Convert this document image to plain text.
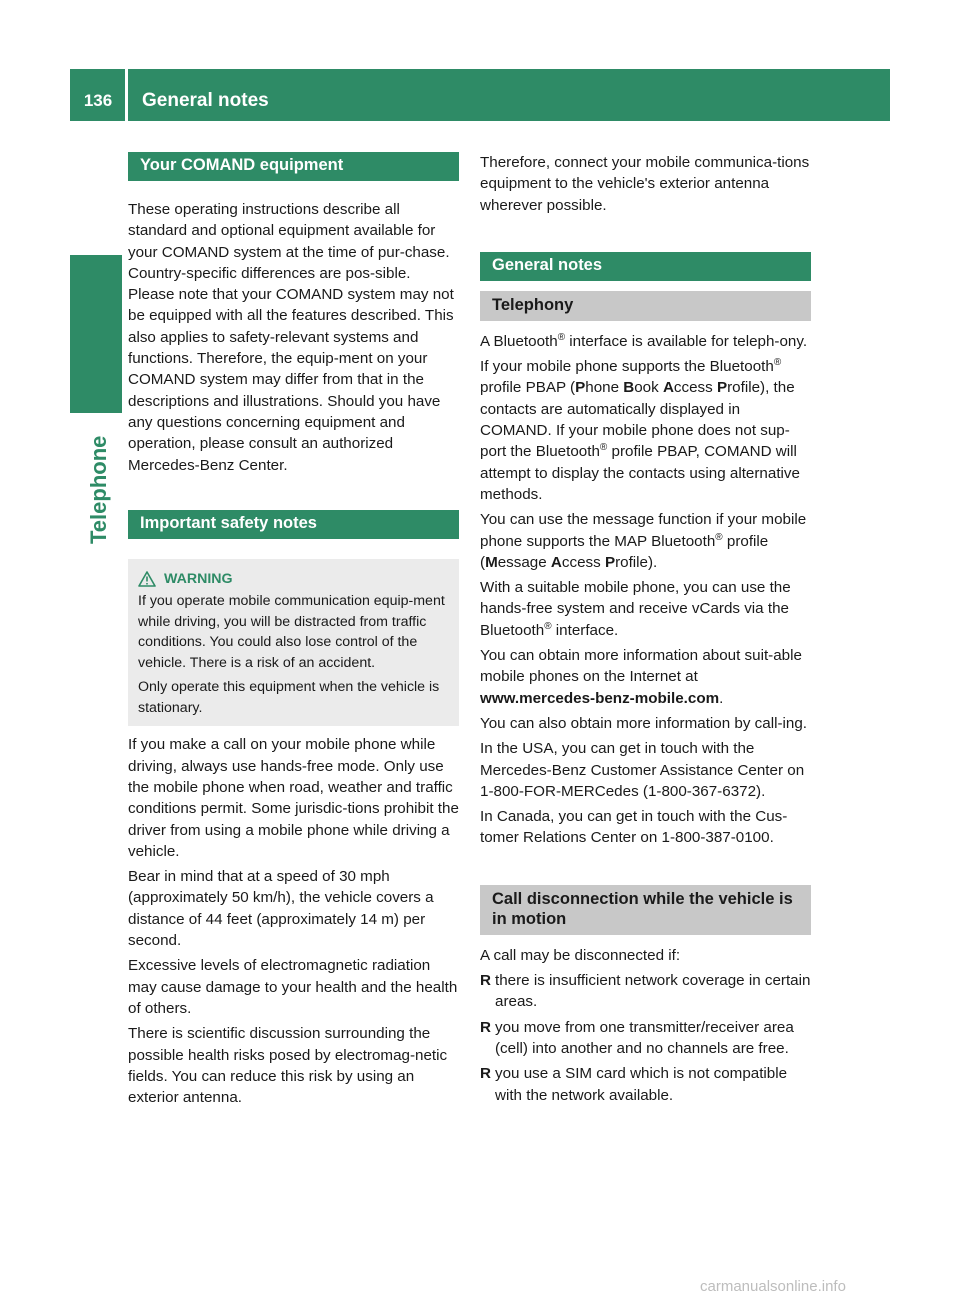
136	General notes
Telephone
Your COMAND equipment

These operating instructions describe all standard and optional equipment available for your COMAND system at the time of pur-chase. Country-specific differences are pos-sible. Please note that your COMAND system may not be equipped with all the features described. This also applies to safety-relevant systems and functions. Therefore, the equip-ment on your COMAND system may differ from that in the descriptions and illustrations. Should you have any questions concerning equipment and operation, please consult an authorized Mercedes-Benz Center.

Important safety notes
WARNING

If you operate mobile communication equip-ment while driving, you will be distracted from traffic conditions. You could also lose control of the vehicle. There is a risk of an accident.

Only operate this equipment when the vehicle is stationary.

If you make a call on your mobile phone while driving, always use hands-free mode. Only use the mobile phone when road, weather and traffic conditions permit. Some jurisdic-tions prohibit the driver from using a mobile phone while driving a vehicle.

Bear in mind that at a speed of 30 mph (approximately 50 km/h), the vehicle covers a distance of 44 feet (approximately 14 m) per second.

Excessive levels of electromagnetic radiation may cause damage to your health and the health of others.

There is scientific discussion surrounding the possible health risks posed by electromag-netic fields. You can reduce this risk by using an exterior antenna.

Therefore, connect your mobile communica-tions equipment to the vehicle's exterior antenna wherever possible.

General notes
Telephony

A Bluetooth® interface is available for teleph-ony.

If your mobile phone supports the Bluetooth® profile PBAP (Phone Book Access Profile), the contacts are automatically displayed in COMAND. If your mobile phone does not sup-port the Bluetooth® profile PBAP, COMAND will attempt to display the contacts using alternative methods.

You can use the message function if your mobile phone supports the MAP Bluetooth® profile (Message Access Profile).

With a suitable mobile phone, you can use the hands-free system and receive vCards via the Bluetooth® interface.

You can obtain more information about suit-able mobile phones on the Internet at
www.mercedes-benz-mobile.com.

You can also obtain more information by call-ing.

In the USA, you can get in touch with the Mercedes-Benz Customer Assistance Center on 1-800-FOR-MERCedes (1-800-367-6372).

In Canada, you can get in touch with the Cus-tomer Relations Center on 1-800-387-0100.

Call disconnection while the vehicle is in motion

A call may be disconnected if:

R there is insufficient network coverage in certain areas.
R you move from one transmitter/receiver area (cell) into another and no channels are free.
R you use a SIM card which is not compatible with the network available.
carmanualsonline.info
